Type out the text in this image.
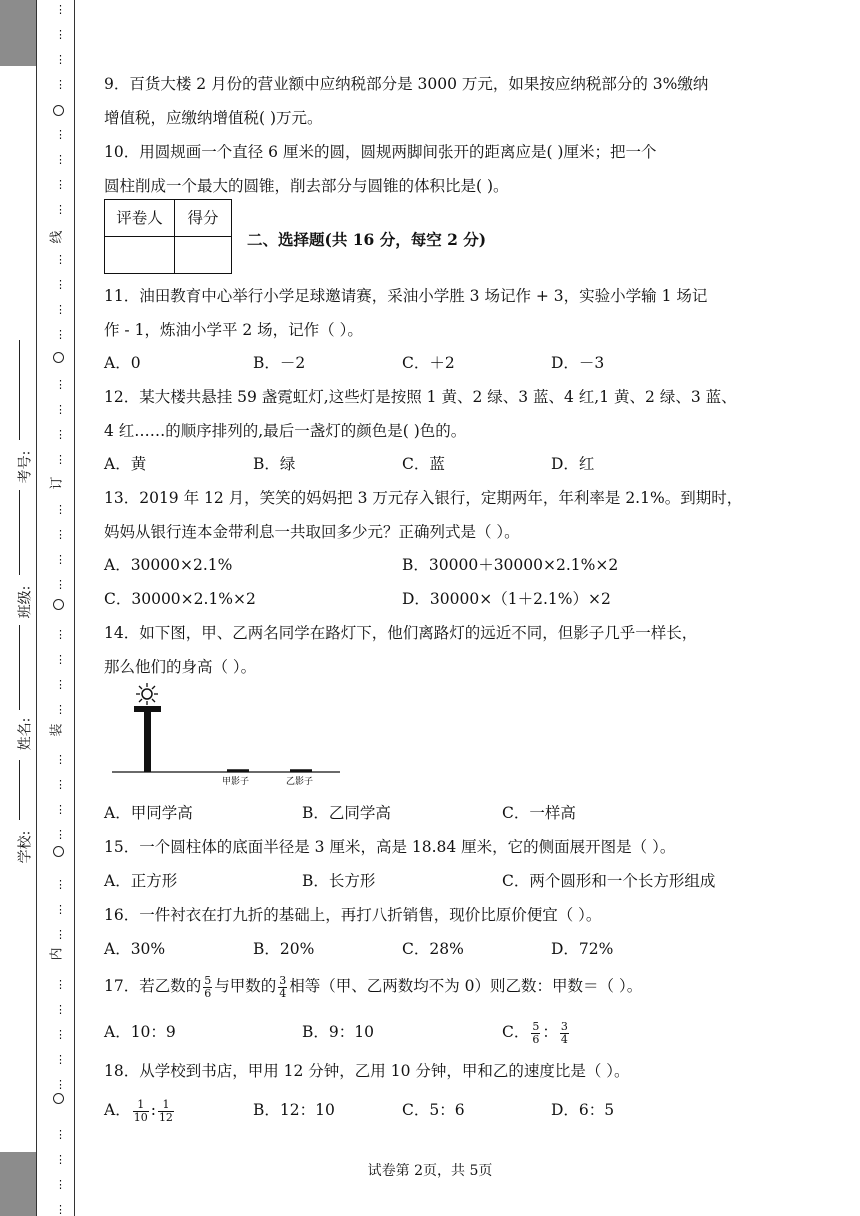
线
订
装
内
⋮
⋮
⋮
⋮
⋮
⋮
⋮
⋮
⋮
⋮
⋮
⋮
⋮
⋮
⋮
⋮
⋮
⋮
⋮
⋮
⋮
⋮
⋮
⋮
⋮
⋮
⋮
⋮
⋮
⋮
⋮
⋮
⋮
⋮
⋮
⋮
⋮
⋮
⋮
⋮
考号:
班级:
姓名:
学校:
9．百货大楼 2 月份的营业额中应纳税部分是 3000 万元，如果按应纳税部分的 3%缴纳
增值税，应缴纳增值税( )万元。
10．用圆规画一个直径 6 厘米的圆，圆规两脚间张开的距离应是( )厘米；把一个
圆柱削成一个最大的圆锥，削去部分与圆锥的体积比是( )。
评卷人	得分

二、选择题(共 16 分，每空 2 分)
11．油田教育中心举行小学足球邀请赛，采油小学胜 3 场记作 + 3，实验小学输 1 场记
作 - 1，炼油小学平 2 场，记作（ ）。
A．0	B．－2	C．＋2	D．－3
12．某大楼共悬挂 59 盏霓虹灯,这些灯是按照 1 黄、2 绿、3 蓝、4 红,1 黄、2 绿、3 蓝、
4 红……的顺序排列的,最后一盏灯的颜色是( )色的。
A．黄	B．绿	C．蓝	D．红
13．2019 年 12 月，笑笑的妈妈把 3 万元存入银行，定期两年，年利率是 2.1%。到期时，
妈妈从银行连本金带利息一共取回多少元？正确列式是（ ）。
A．30000×2.1%	B．30000＋30000×2.1%×2
C．30000×2.1%×2	D．30000×（1＋2.1%）×2
14．如下图，甲、乙两名同学在路灯下，他们离路灯的远近不同，但影子几乎一样长，
那么他们的身高（ ）。
甲影子	乙影子
A．甲同学高	B．乙同学高	C．一样高
15．一个圆柱体的底面半径是 3 厘米，高是 18.84 厘米，它的侧面展开图是（ ）。
A．正方形	B．长方形	C．两个圆形和一个长方形组成
16．一件衬衣在打九折的基础上，再打八折销售，现价比原价便宜（ ）。
A．30%	B．20%	C．28%	D．72%
17．若乙数的 $\frac{5}{6}$ 与甲数的 $\frac{3}{4}$ 相等（甲、乙两数均不为 0）则乙数：甲数＝（ ）。
A．10：9	B．9：10	C． $\frac{5}{6}$ ： $\frac{3}{4}$
18．从学校到书店，甲用 12 分钟，乙用 10 分钟，甲和乙的速度比是（ ）。
A． $\frac{1}{10}$ : $\frac{1}{12}$	B．12：10	C．5：6	D．6：5
试卷第 2页，共 5页
